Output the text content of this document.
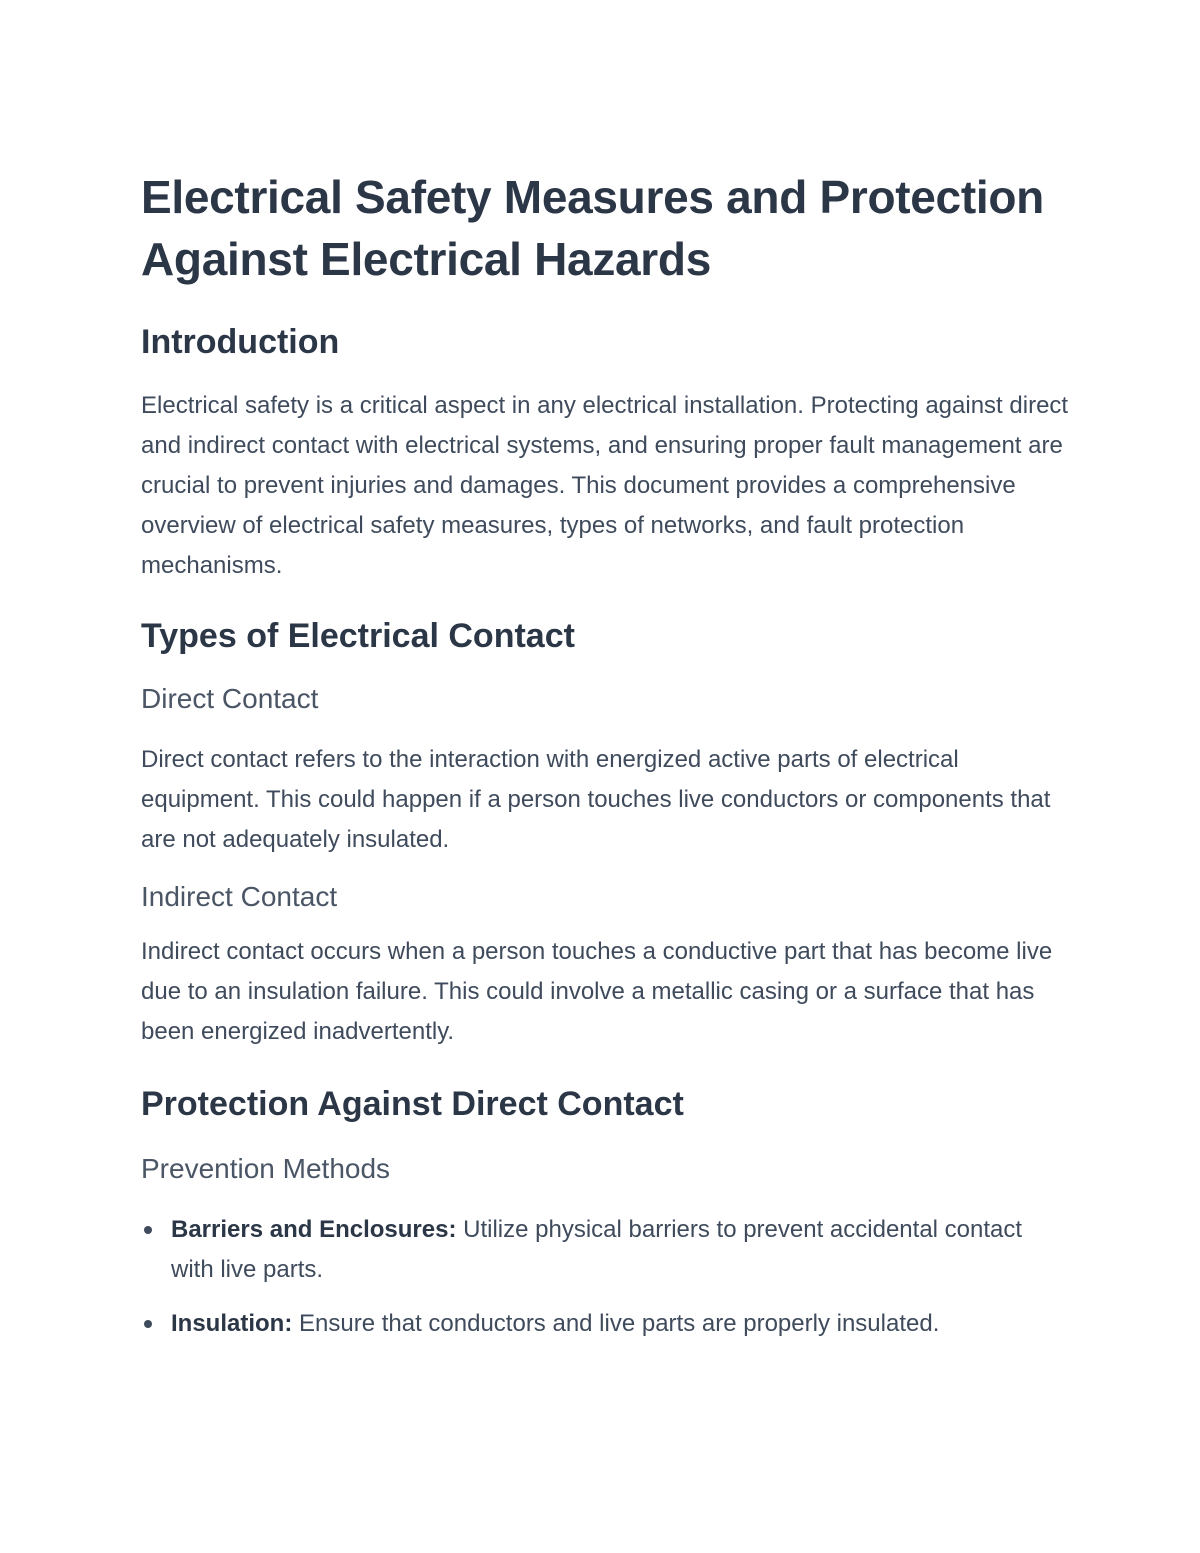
Electrical Safety Measures and Protection Against Electrical Hazards
Introduction

Electrical safety is a critical aspect in any electrical installation. Protecting against direct and indirect contact with electrical systems, and ensuring proper fault management are crucial to prevent injuries and damages. This document provides a comprehensive overview of electrical safety measures, types of networks, and fault protection mechanisms.

Types of Electrical Contact
Direct Contact

Direct contact refers to the interaction with energized active parts of electrical equipment. This could happen if a person touches live conductors or components that are not adequately insulated.

Indirect Contact

Indirect contact occurs when a person touches a conductive part that has become live due to an insulation failure. This could involve a metallic casing or a surface that has been energized inadvertently.

Protection Against Direct Contact
Prevention Methods
Barriers and Enclosures: Utilize physical barriers to prevent accidental contact with live parts.
Insulation: Ensure that conductors and live parts are properly insulated.
